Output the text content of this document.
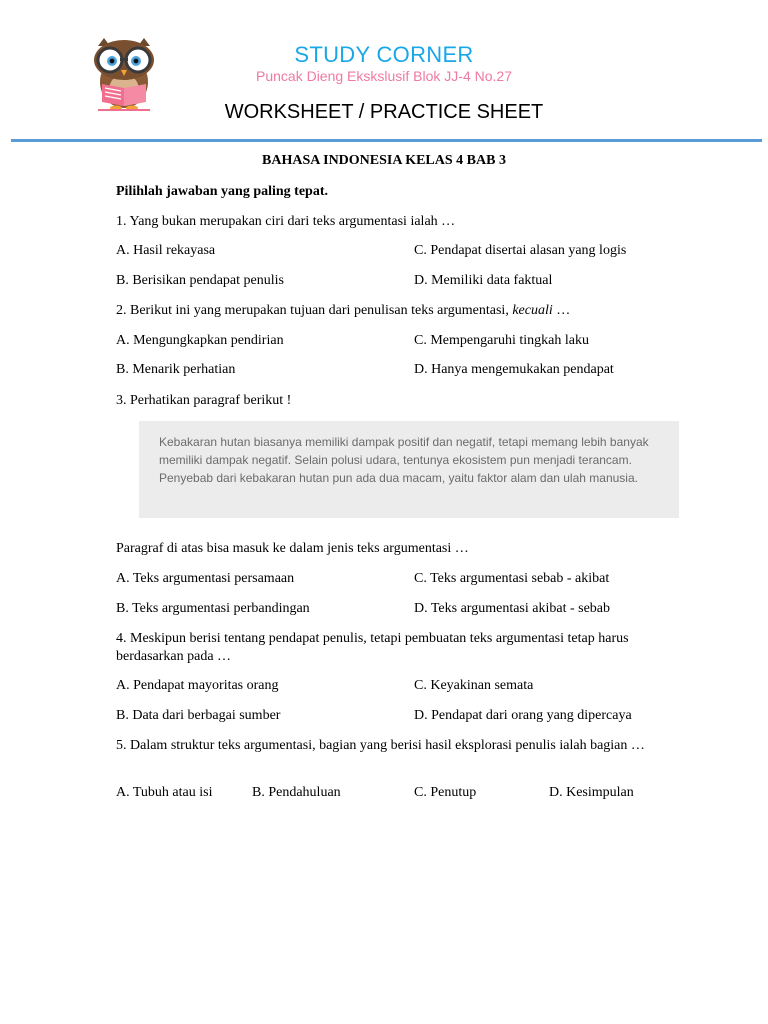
STUDY CORNER
Puncak Dieng Ekskslusif Blok JJ-4 No.27
WORKSHEET / PRACTICE SHEET
BAHASA INDONESIA KELAS 4 BAB 3
Pilihlah jawaban yang paling tepat.
1. Yang bukan merupakan ciri dari teks argumentasi ialah …
A. Hasil rekayasa	C. Pendapat disertai alasan yang logis
B. Berisikan pendapat penulis	D. Memiliki data faktual
2. Berikut ini yang merupakan tujuan dari penulisan teks argumentasi, kecuali …
A. Mengungkapkan pendirian	C. Mempengaruhi tingkah laku
B. Menarik perhatian	D. Hanya mengemukakan pendapat
3. Perhatikan paragraf berikut !

Kebakaran hutan biasanya memiliki dampak positif dan negatif, tetapi memang lebih banyak memiliki dampak negatif. Selain polusi udara, tentunya ekosistem pun menjadi terancam. Penyebab dari kebakaran hutan pun ada dua macam, yaitu faktor alam dan ulah manusia.

Paragraf di atas bisa masuk ke dalam jenis teks argumentasi …
A. Teks argumentasi persamaan	C. Teks argumentasi sebab - akibat
B. Teks argumentasi perbandingan	D. Teks argumentasi akibat - sebab
4. Meskipun berisi tentang pendapat penulis, tetapi pembuatan teks argumentasi tetap harus berdasarkan pada …
A. Pendapat mayoritas orang	C. Keyakinan semata
B. Data dari berbagai sumber	D. Pendapat dari orang yang dipercaya
5. Dalam struktur teks argumentasi, bagian yang berisi hasil eksplorasi penulis ialah bagian …
A. Tubuh atau isi	B. Pendahuluan	C. Penutup	D. Kesimpulan
